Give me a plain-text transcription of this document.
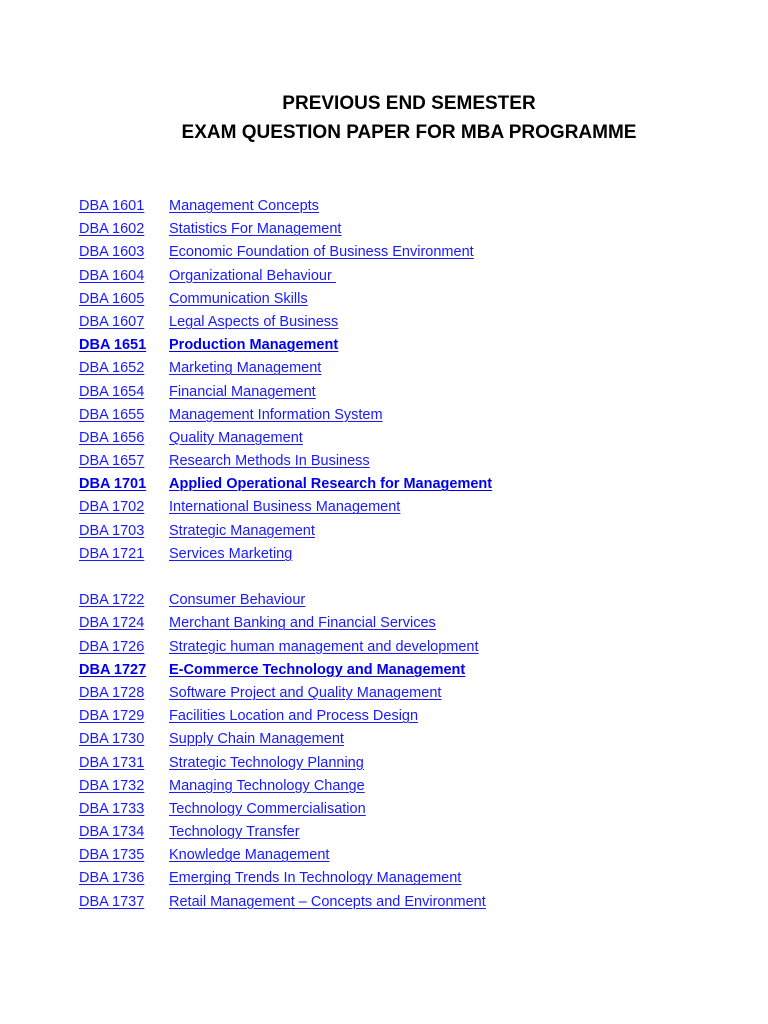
PREVIOUS END SEMESTER
EXAM QUESTION PAPER FOR MBA PROGRAMME
DBA 1601 Management Concepts
DBA 1602 Statistics For Management
DBA 1603 Economic Foundation of Business Environment
DBA 1604 Organizational Behaviour
DBA 1605 Communication Skills
DBA 1607 Legal Aspects of Business
DBA 1651 Production Management
DBA 1652 Marketing Management
DBA 1654 Financial Management
DBA 1655 Management Information System
DBA 1656 Quality Management
DBA 1657 Research Methods In Business
DBA 1701 Applied Operational Research for Management
DBA 1702 International Business Management
DBA 1703 Strategic Management
DBA 1721 Services Marketing
DBA 1722 Consumer Behaviour
DBA 1724 Merchant Banking and Financial Services
DBA 1726 Strategic human management and development
DBA 1727 E-Commerce Technology and Management
DBA 1728 Software Project and Quality Management
DBA 1729 Facilities Location and Process Design
DBA 1730 Supply Chain Management
DBA 1731 Strategic Technology Planning
DBA 1732 Managing Technology Change
DBA 1733 Technology Commercialisation
DBA 1734 Technology Transfer
DBA 1735 Knowledge Management
DBA 1736 Emerging Trends In Technology Management
DBA 1737 Retail Management – Concepts and Environment
